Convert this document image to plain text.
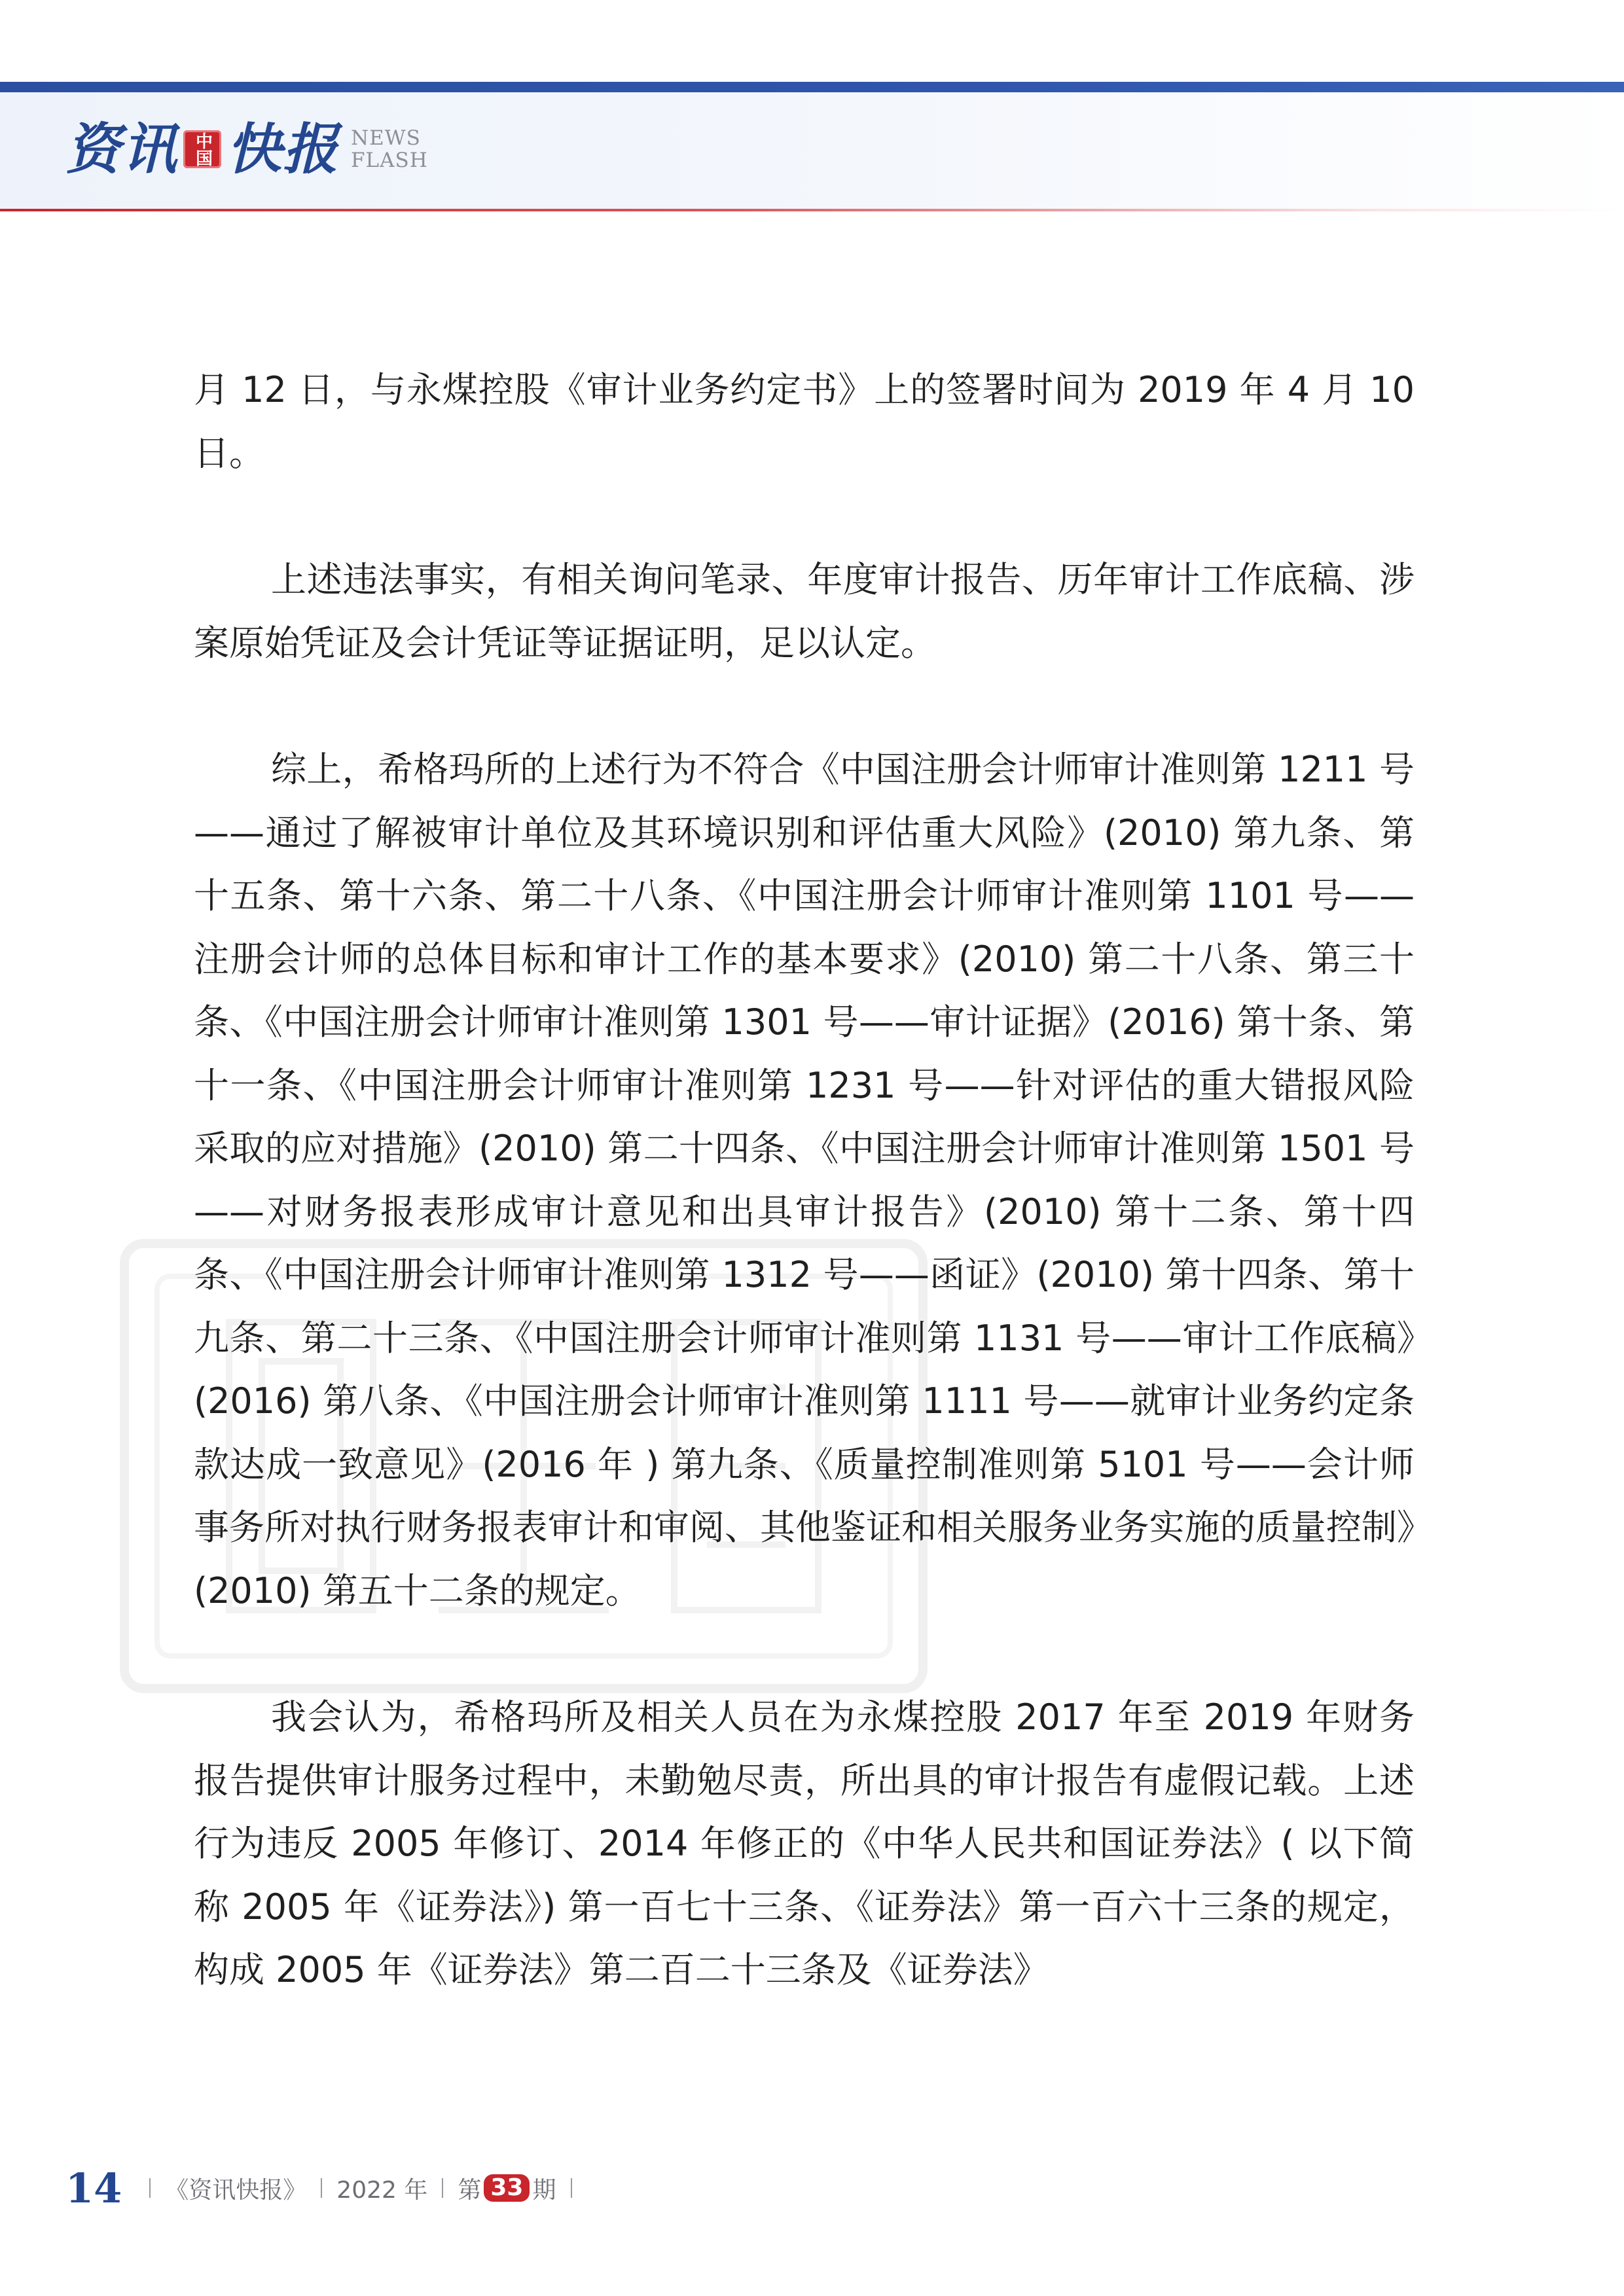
资讯 中国 快报 NEWS
FLASH

月 12 日，与永煤控股《审计业务约定书》上的签署时间为 2019 年 4 月 10 日。

上述违法事实，有相关询问笔录、年度审计报告、历年审计工作底稿、涉案原始凭证及会计凭证等证据证明，足以认定。

综上，希格玛所的上述行为不符合《中国注册会计师审计准则第 1211 号——通过了解被审计单位及其环境识别和评估重大风险》(2010) 第九条、第十五条、第十六条、第二十八条、《中国注册会计师审计准则第 1101 号——注册会计师的总体目标和审计工作的基本要求》(2010) 第二十八条、第三十条、《中国注册会计师审计准则第 1301 号——审计证据》(2016) 第十条、第十一条、《中国注册会计师审计准则第 1231 号——针对评估的重大错报风险采取的应对措施》(2010) 第二十四条、《中国注册会计师审计准则第 1501 号——对财务报表形成审计意见和出具审计报告》(2010) 第十二条、第十四条、《中国注册会计师审计准则第 1312 号——函证》(2010) 第十四条、第十九条、第二十三条、《中国注册会计师审计准则第 1131 号——审计工作底稿》(2016) 第八条、《中国注册会计师审计准则第 1111 号——就审计业务约定条款达成一致意见》(2016 年 ) 第九条、《质量控制准则第 5101 号——会计师事务所对执行财务报表审计和审阅、其他鉴证和相关服务业务实施的质量控制》(2010) 第五十二条的规定。

我会认为，希格玛所及相关人员在为永煤控股 2017 年至 2019 年财务报告提供审计服务过程中，未勤勉尽责，所出具的审计报告有虚假记载。上述行为违反 2005 年修订、2014 年修正的《中华人民共和国证券法》( 以下简称 2005 年《证券法》) 第一百七十三条、《证券法》第一百六十三条的规定，构成 2005 年《证券法》第二百二十三条及《证券法》

14 《资讯快报》 2022 年 第 33 期
